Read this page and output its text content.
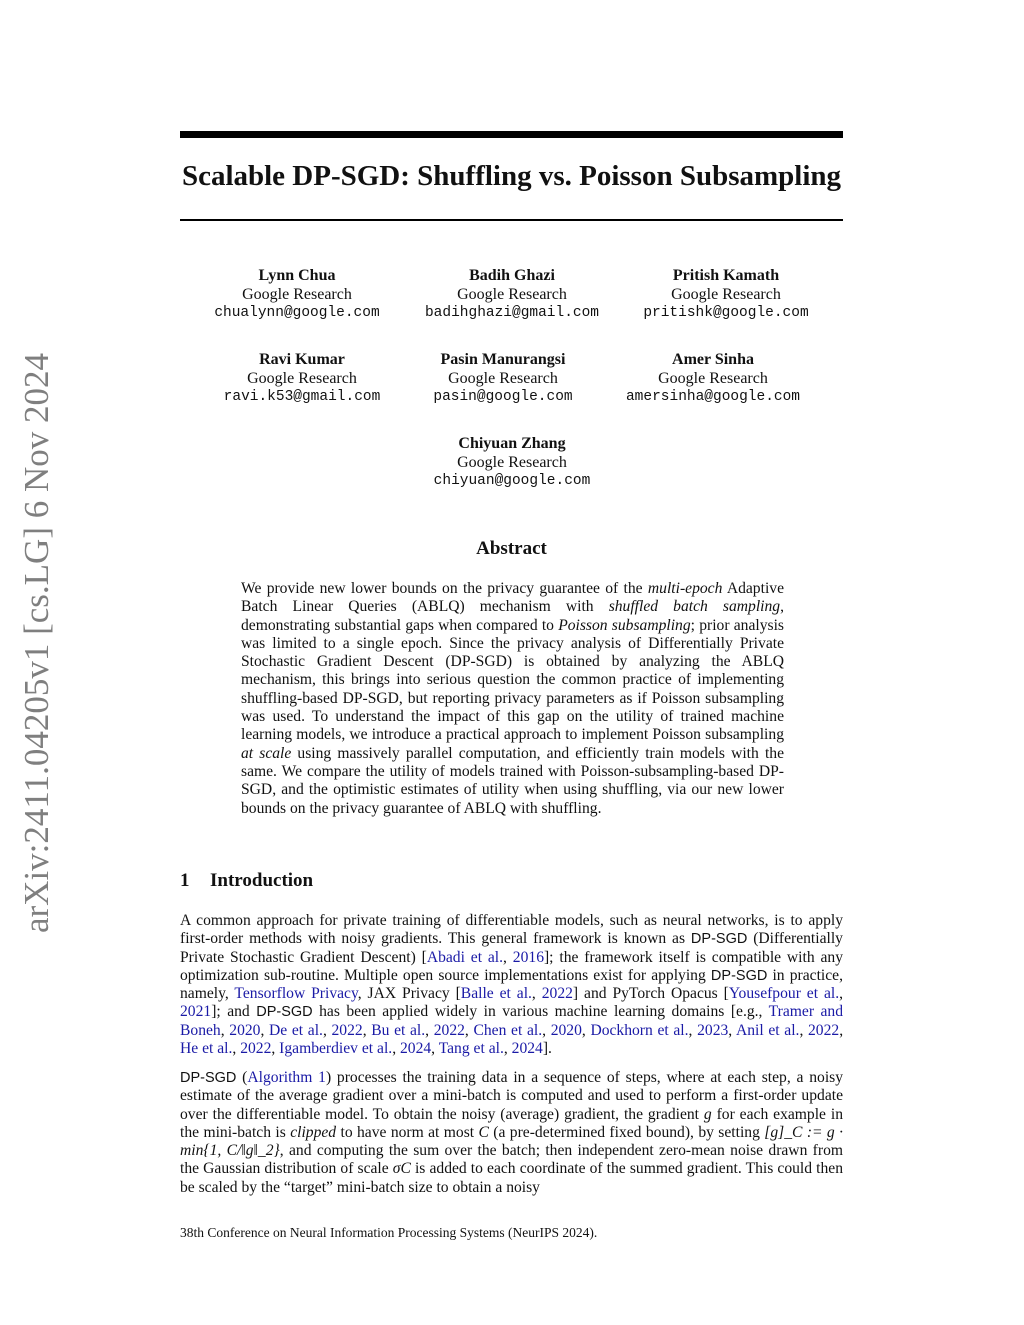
arXiv:2411.04205v1 [cs.LG] 6 Nov 2024
Scalable DP-SGD: Shuffling vs. Poisson Subsampling
Lynn Chua
Google Research
chualynn@google.com
Badih Ghazi
Google Research
badihghazi@gmail.com
Pritish Kamath
Google Research
pritishk@google.com
Ravi Kumar
Google Research
ravi.k53@gmail.com
Pasin Manurangsi
Google Research
pasin@google.com
Amer Sinha
Google Research
amersinha@google.com
Chiyuan Zhang
Google Research
chiyuan@google.com
Abstract

We provide new lower bounds on the privacy guarantee of the multi-epoch Adaptive Batch Linear Queries (ABLQ) mechanism with shuffled batch sampling, demonstrating substantial gaps when compared to Poisson subsampling; prior analysis was limited to a single epoch. Since the privacy analysis of Differentially Private Stochastic Gradient Descent (DP-SGD) is obtained by analyzing the ABLQ mechanism, this brings into serious question the common practice of implementing shuffling-based DP-SGD, but reporting privacy parameters as if Poisson subsampling was used. To understand the impact of this gap on the utility of trained machine learning models, we introduce a practical approach to implement Poisson subsampling at scale using massively parallel computation, and efficiently train models with the same. We compare the utility of models trained with Poisson-subsampling-based DP-SGD, and the optimistic estimates of utility when using shuffling, via our new lower bounds on the privacy guarantee of ABLQ with shuffling.

1 Introduction

A common approach for private training of differentiable models, such as neural networks, is to apply first-order methods with noisy gradients. This general framework is known as DP-SGD (Differentially Private Stochastic Gradient Descent) [Abadi et al., 2016]; the framework itself is compatible with any optimization sub-routine. Multiple open source implementations exist for applying DP-SGD in practice, namely, Tensorflow Privacy, JAX Privacy [Balle et al., 2022] and PyTorch Opacus [Yousefpour et al., 2021]; and DP-SGD has been applied widely in various machine learning domains [e.g., Tramer and Boneh, 2020, De et al., 2022, Bu et al., 2022, Chen et al., 2020, Dockhorn et al., 2023, Anil et al., 2022, He et al., 2022, Igamberdiev et al., 2024, Tang et al., 2024].

DP-SGD (Algorithm 1) processes the training data in a sequence of steps, where at each step, a noisy estimate of the average gradient over a mini-batch is computed and used to perform a first-order update over the differentiable model. To obtain the noisy (average) gradient, the gradient g for each example in the mini-batch is clipped to have norm at most C (a pre-determined fixed bound), by setting [g]_C := g · min{1, C/‖g‖_2}, and computing the sum over the batch; then independent zero-mean noise drawn from the Gaussian distribution of scale σC is added to each coordinate of the summed gradient. This could then be scaled by the “target” mini-batch size to obtain a noisy

38th Conference on Neural Information Processing Systems (NeurIPS 2024).
